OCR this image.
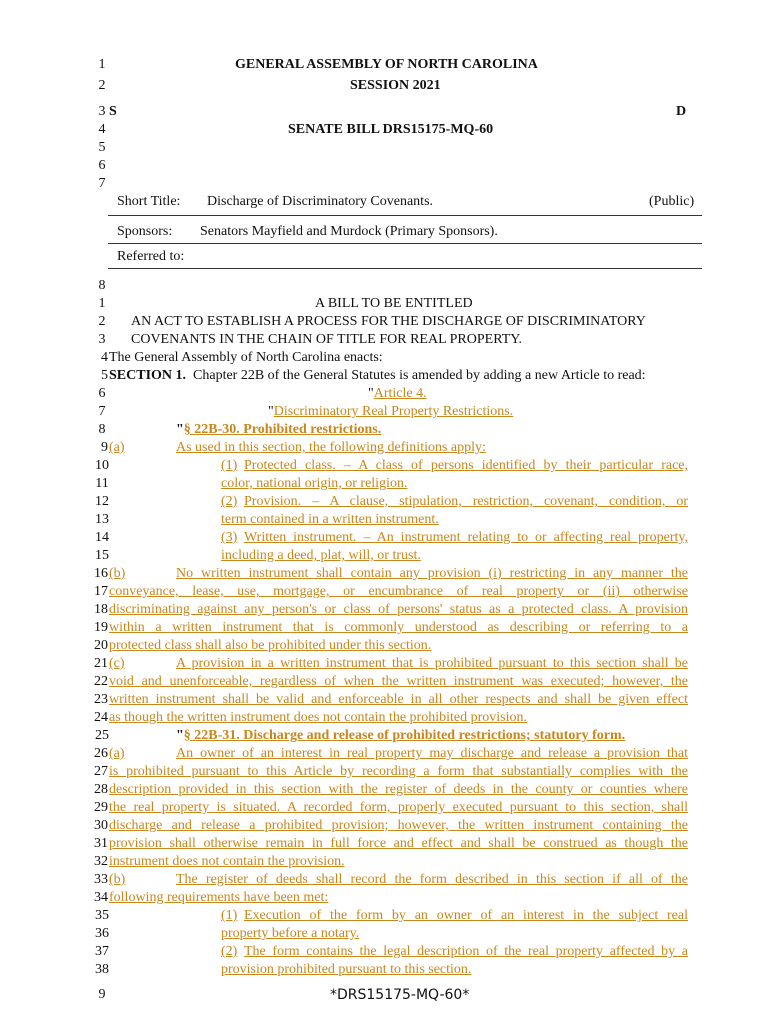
1	GENERAL ASSEMBLY OF NORTH CAROLINA
2	SESSION 2021
3 S	D
4	SENATE BILL DRS15175-MQ-60
5
6
7
Short Title: Discharge of Discriminatory Covenants.	(Public)
Sponsors: Senators Mayfield and Murdock (Primary Sponsors).
Referred to:
8
1	A BILL TO BE ENTITLED
2	AN ACT TO ESTABLISH A PROCESS FOR THE DISCHARGE OF DISCRIMINATORY
3	COVENANTS IN THE CHAIN OF TITLE FOR REAL PROPERTY.
4 The General Assembly of North Carolina enacts:
5 SECTION 1.  Chapter 22B of the General Statutes is amended by adding a new Article to read:
6	"Article 4.
7	"Discriminatory Real Property Restrictions.
8	"§ 22B-30. Prohibited restrictions.
9 (a)	As used in this section, the following definitions apply:
10	(1) Protected class. – A class of persons identified by their particular race,
11	color, national origin, or religion.
12	(2) Provision. – A clause, stipulation, restriction, covenant, condition, or
13	term contained in a written instrument.
14	(3) Written instrument. – An instrument relating to or affecting real property,
15	including a deed, plat, will, or trust.
16 (b)	No written instrument shall contain any provision (i) restricting in any manner the
17 conveyance, lease, use, mortgage, or encumbrance of real property or (ii) otherwise
18 discriminating against any person's or class of persons' status as a protected class. A provision
19 within a written instrument that is commonly understood as describing or referring to a
20 protected class shall also be prohibited under this section.
21 (c)	A provision in a written instrument that is prohibited pursuant to this section shall be
22 void and unenforceable, regardless of when the written instrument was executed; however, the
23 written instrument shall be valid and enforceable in all other respects and shall be given effect
24 as though the written instrument does not contain the prohibited provision.
25	"§ 22B-31. Discharge and release of prohibited restrictions; statutory form.
26 (a)	An owner of an interest in real property may discharge and release a provision that
27 is prohibited pursuant to this Article by recording a form that substantially complies with the
28 description provided in this section with the register of deeds in the county or counties where
29 the real property is situated. A recorded form, properly executed pursuant to this section, shall
30 discharge and release a prohibited provision; however, the written instrument containing the
31 provision shall otherwise remain in full force and effect and shall be construed as though the
32 instrument does not contain the provision.
33 (b)	The register of deeds shall record the form described in this section if all of the
34 following requirements have been met:
35	(1) Execution of the form by an owner of an interest in the subject real
36	property before a notary.
37	(2) The form contains the legal description of the real property affected by a
38	provision prohibited pursuant to this section.
9	*DRS15175-MQ-60*
